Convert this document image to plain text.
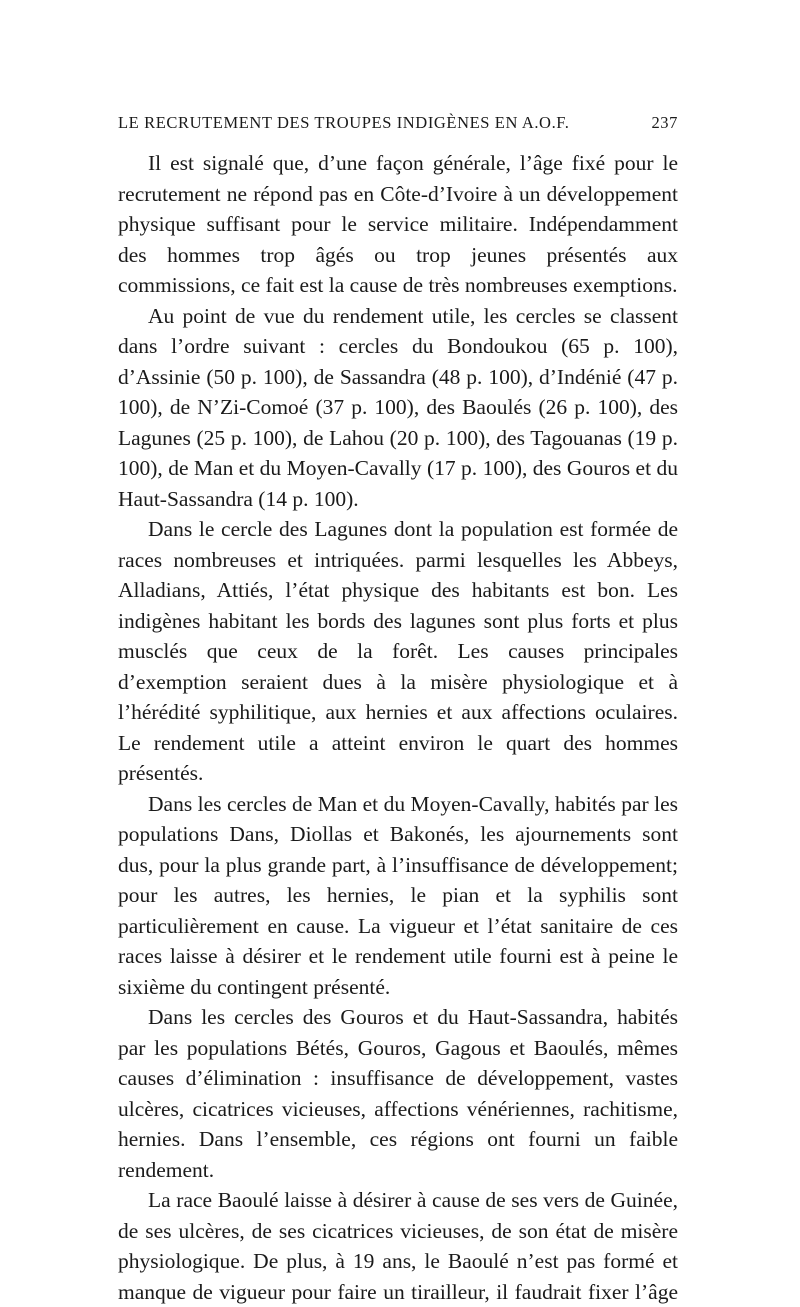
LE RECRUTEMENT DES TROUPES INDIGÈNES EN A.O.F.	237

Il est signalé que, d’une façon générale, l’âge fixé pour le recrutement ne répond pas en Côte-d’Ivoire à un développement physique suffisant pour le service militaire. Indépendamment des hommes trop âgés ou trop jeunes présentés aux commissions, ce fait est la cause de très nombreuses exemptions.

Au point de vue du rendement utile, les cercles se classent dans l’ordre suivant : cercles du Bondoukou (65 p. 100), d’Assinie (50 p. 100), de Sassandra (48 p. 100), d’Indénié (47 p. 100), de N’Zi-Comoé (37 p. 100), des Baoulés (26 p. 100), des Lagunes (25 p. 100), de Lahou (20 p. 100), des Tagouanas (19 p. 100), de Man et du Moyen-Cavally (17 p. 100), des Gouros et du Haut-Sassandra (14 p. 100).

Dans le cercle des Lagunes dont la population est formée de races nombreuses et intriquées. parmi lesquelles les Abbeys, Alladians, Attiés, l’état physique des habitants est bon. Les indigènes habitant les bords des lagunes sont plus forts et plus musclés que ceux de la forêt. Les causes principales d’exemption seraient dues à la misère physiologique et à l’hérédité syphilitique, aux hernies et aux affections oculaires. Le rendement utile a atteint environ le quart des hommes présentés.

Dans les cercles de Man et du Moyen-Cavally, habités par les populations Dans, Diollas et Bakonés, les ajournements sont dus, pour la plus grande part, à l’insuffisance de développement; pour les autres, les hernies, le pian et la syphilis sont particulièrement en cause. La vigueur et l’état sanitaire de ces races laisse à désirer et le rendement utile fourni est à peine le sixième du contingent présenté.

Dans les cercles des Gouros et du Haut-Sassandra, habités par les populations Bétés, Gouros, Gagous et Baoulés, mêmes causes d’élimination : insuffisance de développement, vastes ulcères, cicatrices vicieuses, affections vénériennes, rachitisme, hernies. Dans l’ensemble, ces régions ont fourni un faible rendement.

La race Baoulé laisse à désirer à cause de ses vers de Guinée, de ses ulcères, de ses cicatrices vicieuses, de son état de misère physiologique. De plus, à 19 ans, le Baoulé n’est pas formé et manque de vigueur pour faire un tirailleur, il faudrait fixer l’âge
